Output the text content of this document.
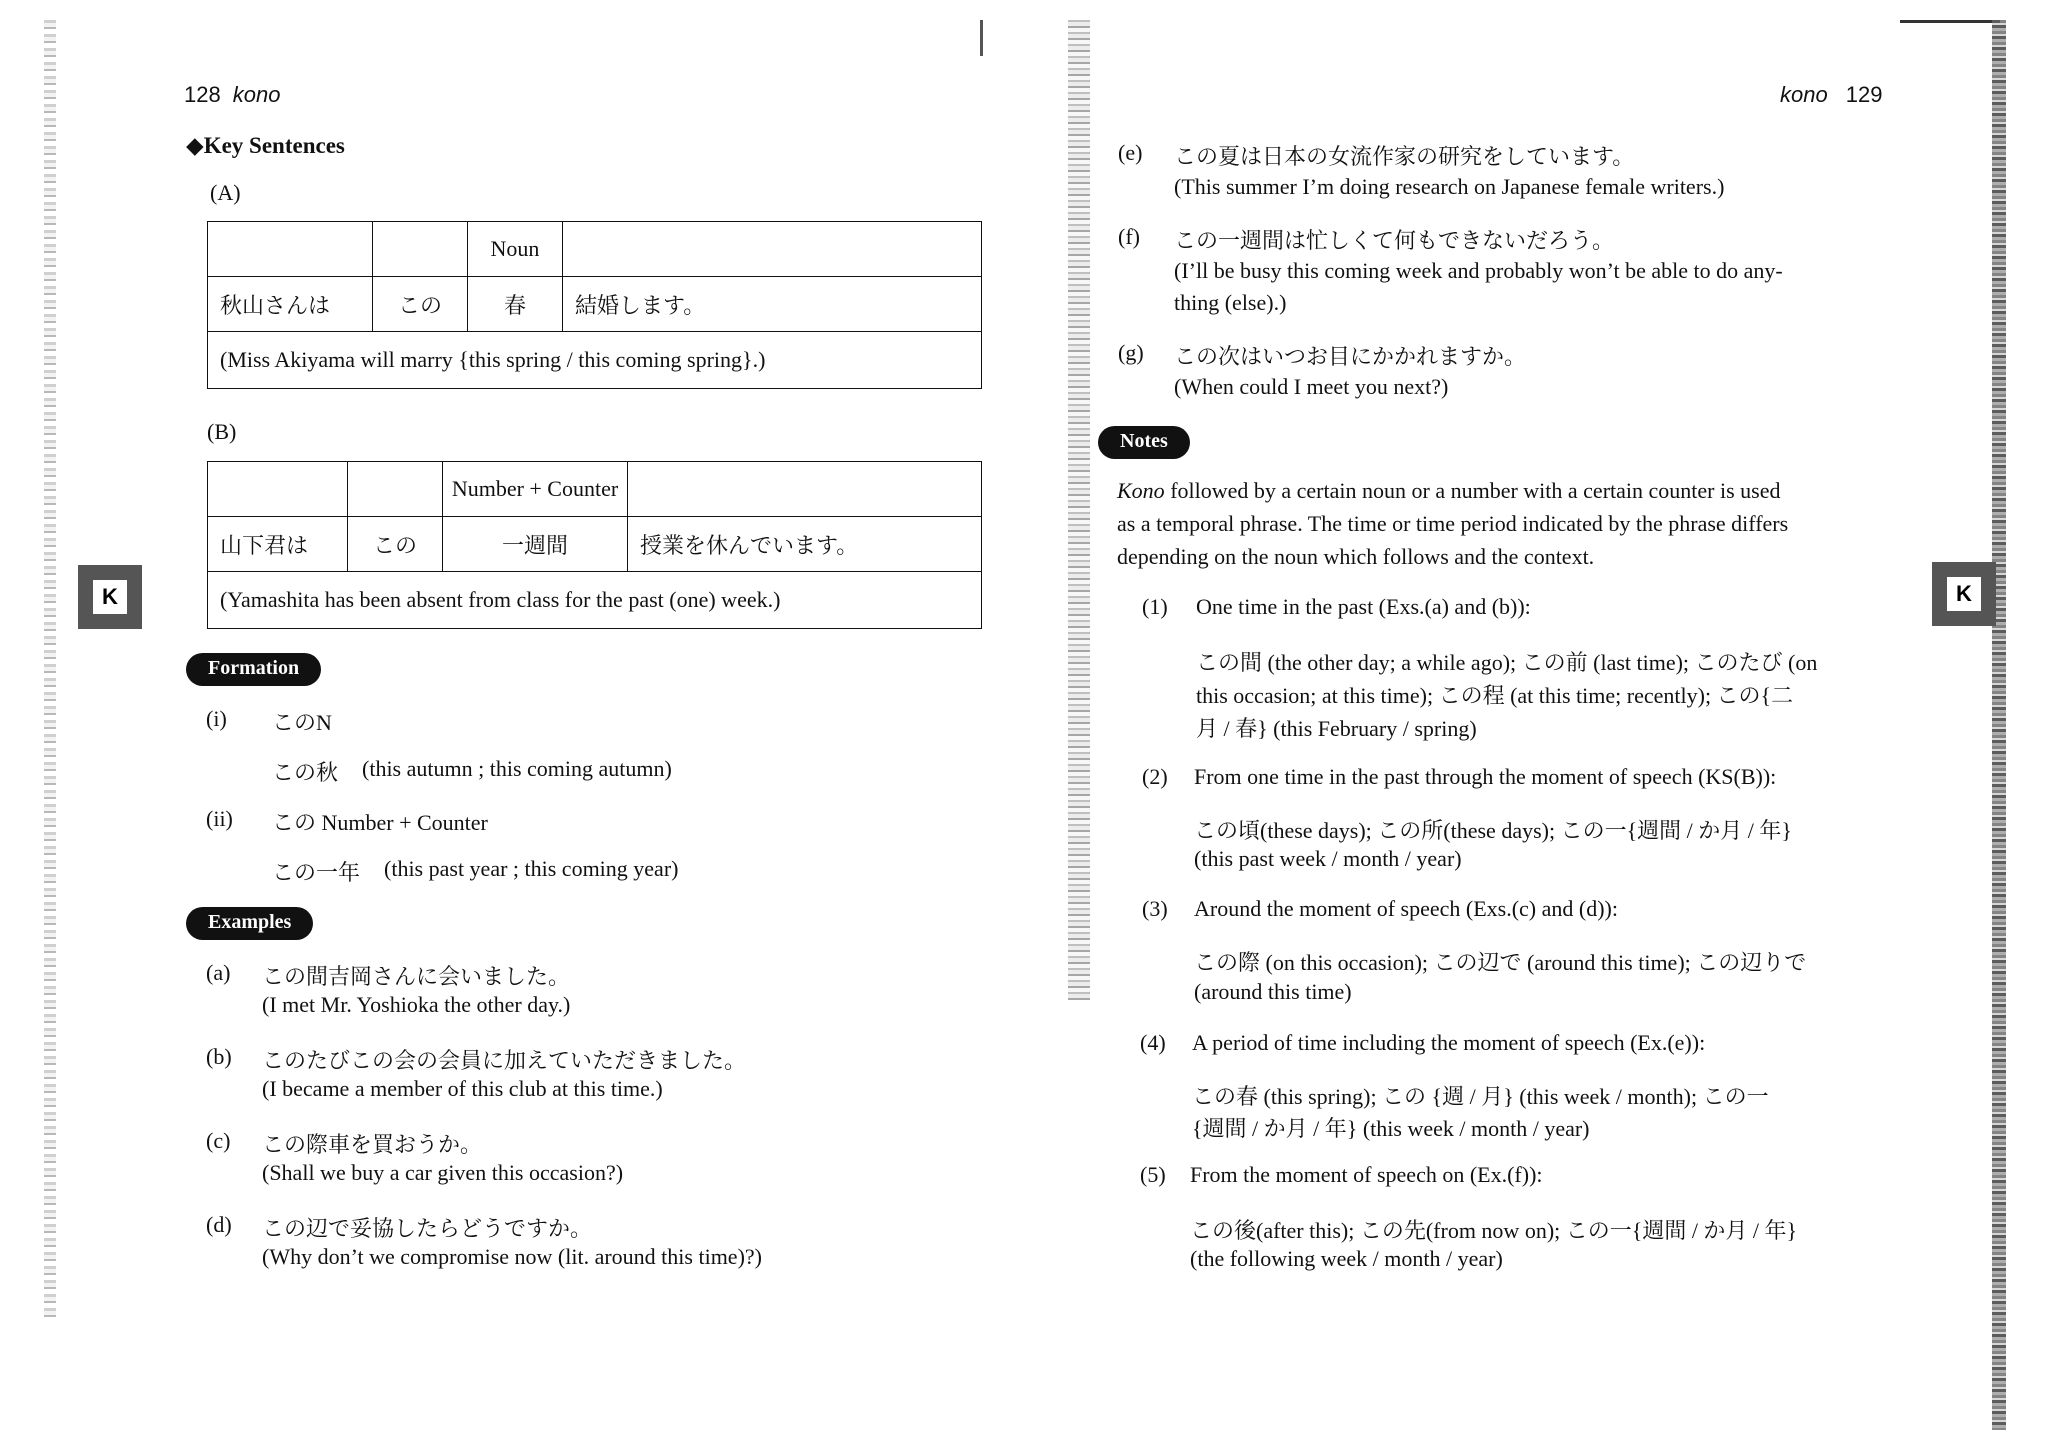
128 kono
◆Key Sentences
(A)
		Noun	
秋山さんは	この	春	結婚します。
(Miss Akiyama will marry {this spring / this coming spring}.)			
(B)
		Number + Counter	
山下君は	この	一週間	授業を休んでいます。
(Yamashita has been absent from class for the past (one) week.)			
K
Formation
(i) このN
この秋 (this autumn ; this coming autumn)
(ii) この Number + Counter
この一年 (this past year ; this coming year)
Examples
(a) この間吉岡さんに会いました。
(I met Mr. Yoshioka the other day.)
(b) このたびこの会の会員に加えていただきました。
(I became a member of this club at this time.)
(c) この際車を買おうか。
(Shall we buy a car given this occasion?)
(d) この辺で妥協したらどうですか。
(Why don’t we compromise now (lit. around this time)?)
kono 129
(e) この夏は日本の女流作家の研究をしています。
(This summer I’m doing research on Japanese female writers.)
(f) この一週間は忙しくて何もできないだろう。
(I’ll be busy this coming week and probably won’t be able to do any-
thing (else).)
(g) この次はいつお目にかかれますか。
(When could I meet you next?)
Notes
Kono followed by a certain noun or a number with a certain counter is used
as a temporal phrase. The time or time period indicated by the phrase differs
depending on the noun which follows and the context.
K
(1) One time in the past (Exs.(a) and (b)):
この間 (the other day; a while ago); この前 (last time); このたび (on
this occasion; at this time); この程 (at this time; recently); この{二
月 / 春} (this February / spring)
(2) From one time in the past through the moment of speech (KS(B)):
この頃(these days); この所(these days); この一{週間 / か月 / 年}
(this past week / month / year)
(3) Around the moment of speech (Exs.(c) and (d)):
この際 (on this occasion); この辺で (around this time); この辺りで
(around this time)
(4) A period of time including the moment of speech (Ex.(e)):
この春 (this spring); この {週 / 月} (this week / month); この一
{週間 / か月 / 年} (this week / month / year)
(5) From the moment of speech on (Ex.(f)):
この後(after this); この先(from now on); この一{週間 / か月 / 年}
(the following week / month / year)
